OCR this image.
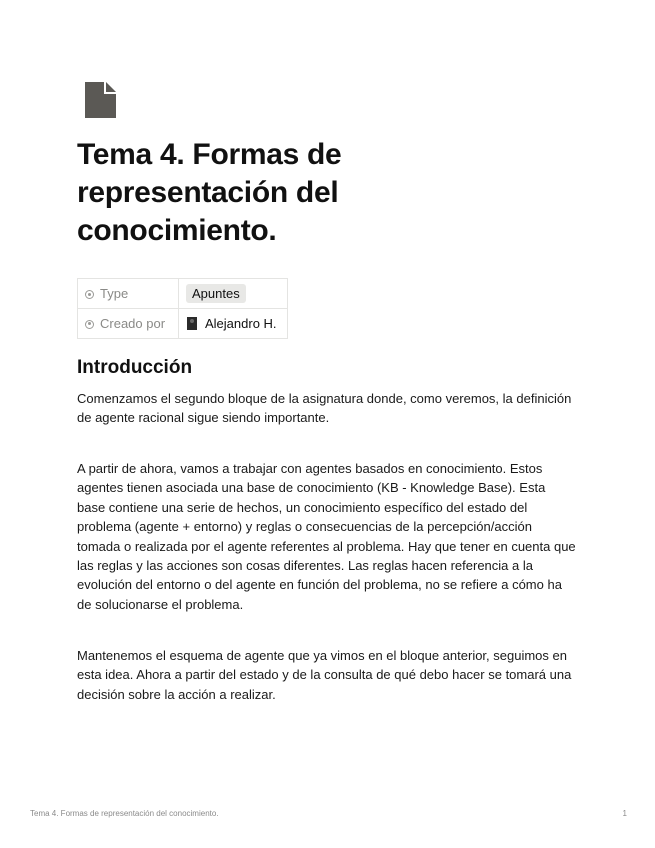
Tema 4. Formas de representación del conocimiento.
Type	Apuntes
Creado por	Alejandro H.
Introducción

Comenzamos el segundo bloque de la asignatura donde, como veremos, la definición de agente racional sigue siendo importante.

A partir de ahora, vamos a trabajar con agentes basados en conocimiento. Estos agentes tienen asociada una base de conocimiento (KB - Knowledge Base). Esta base contiene una serie de hechos, un conocimiento específico del estado del problema (agente + entorno) y reglas o consecuencias de la percepción/acción tomada o realizada por el agente referentes al problema. Hay que tener en cuenta que las reglas y las acciones son cosas diferentes. Las reglas hacen referencia a la evolución del entorno o del agente en función del problema, no se refiere a cómo ha de solucionarse el problema.

Mantenemos el esquema de agente que ya vimos en el bloque anterior, seguimos en esta idea. Ahora a partir del estado y de la consulta de qué debo hacer se tomará una decisión sobre la acción a realizar.

Tema 4. Formas de representación del conocimiento.	1
